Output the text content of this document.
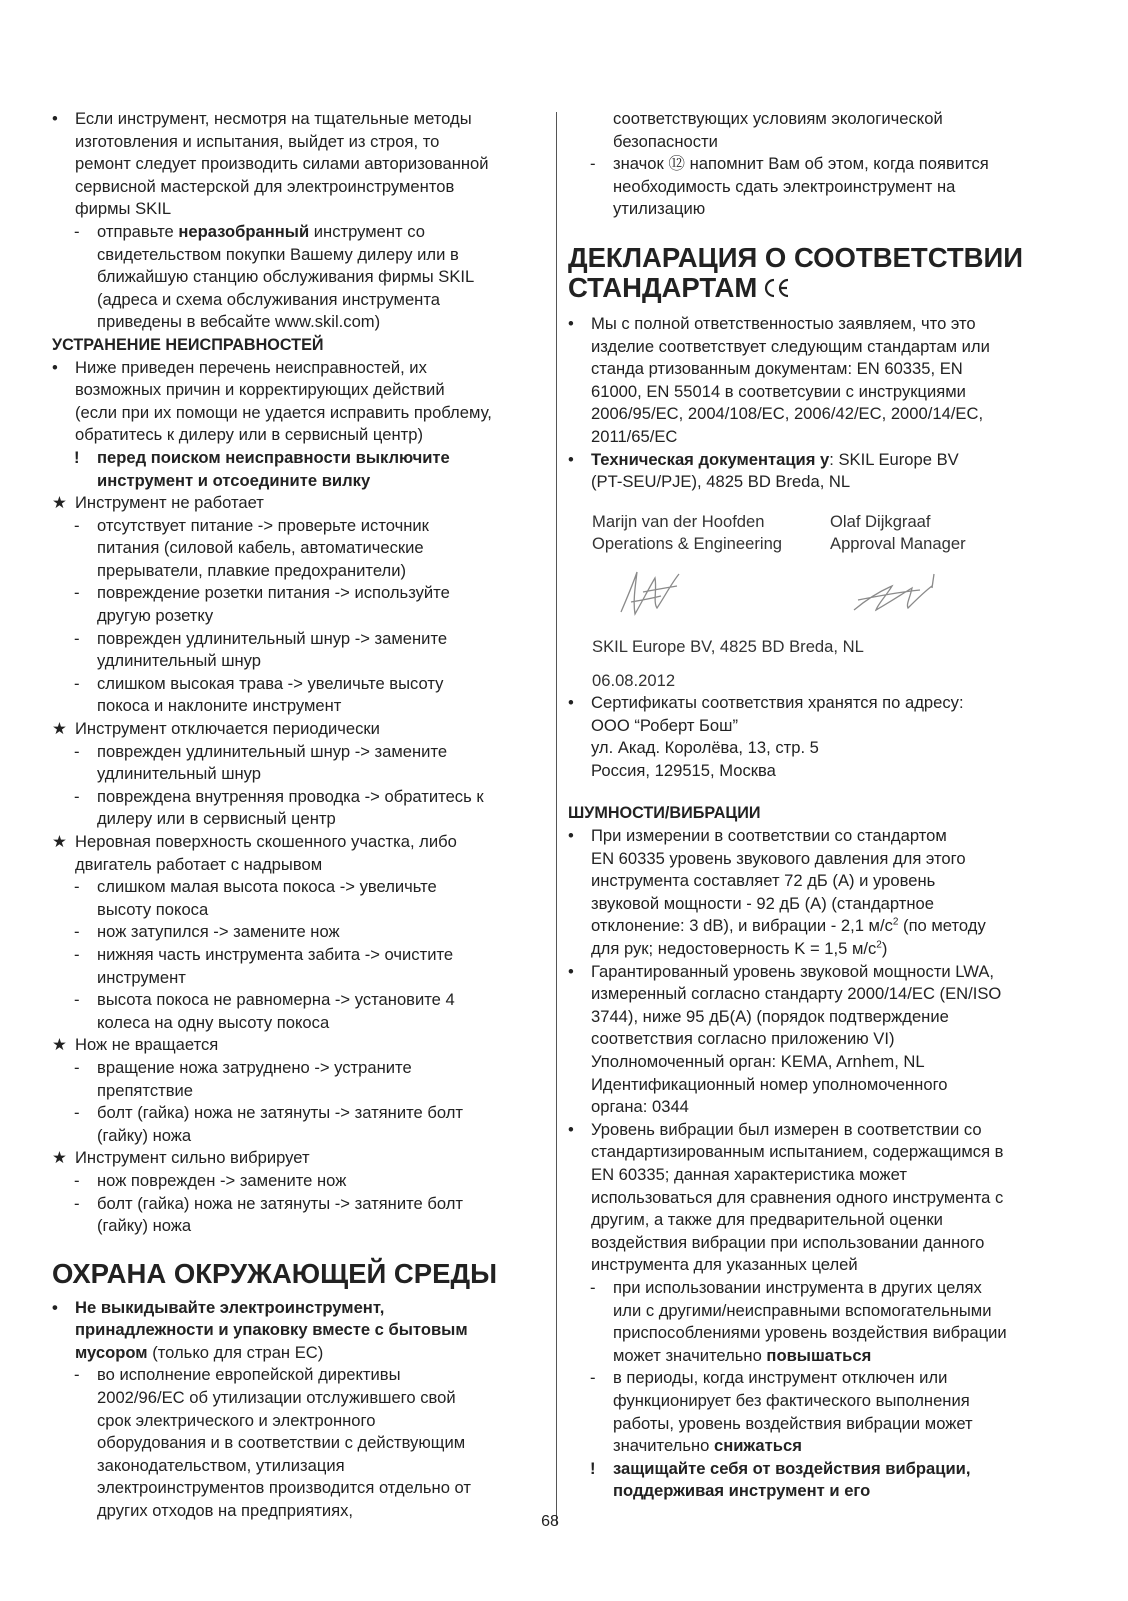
• Если инструмент, несмотря на тщательные методы
изготовления и испытания, выйдет из строя, то
ремонт следует производить силами авторизованной
сервисной мастерской для электроинструментов
фирмы SKIL
- отправьте неразобранный инструмент со
свидетельством покупки Вашему дилеру или в
ближайшую станцию обслуживания фирмы SKIL
(адреса и схема обслуживания инструмента
приведены в вебсайте www.skil.com)
УСТРАНЕНИЕ НЕИСПРАВНОСТЕЙ
• Ниже приведен перечень неисправностей, их
возможных причин и корректирующих действий
(если при их помощи не удается исправить проблему,
обратитесь к дилеру или в сервисный центр)
! перед поиском неисправности выключите
инструмент и отсоедините вилку
★ Инструмент не работает
- отсутствует питание -> проверьте источник
питания (силовой кабель, автоматические
прерыватели, плавкие предохранители)
- повреждение розетки питания -> используйте
другую розетку
- поврежден удлинительный шнур -> замените
удлинительный шнур
- слишком высокая трава -> увеличьте высоту
покоса и наклоните инструмент
★ Инструмент отключается периодически
- поврежден удлинительный шнур -> замените
удлинительный шнур
- повреждена внутренняя проводка -> обратитесь к
дилеру или в сервисный центр
★ Неровная поверхность скошенного участка, либо
двигатель работает с надрывом
- слишком малая высота покоса -> увеличьте
высоту покоса
- нож затупился -> замените нож
- нижняя часть инструмента забита -> очистите
инструмент
- высота покоса не равномерна -> установите 4
колеса на одну высоту покоса
★ Нож не вращается
- вращение ножа затруднено -> устраните
препятствие
- болт (гайка) ножа не затянуты -> затяните болт
(гайку) ножа
★ Инструмент сильно вибрирует
- нож поврежден -> замените нож
- болт (гайка) ножа не затянуты -> затяните болт
(гайку) ножа
ОХРАНА ОКРУЖАЮЩЕЙ СРЕДЫ
• Не выкидывайте электроинструмент,
принадлежности и упаковку вместе с бытовым
мусором (только для стран ЕС)
- во исполнение европейской директивы
2002/96/ЕС об утилизации отслужившего свой
срок электрического и электронного
оборудования и в соответствии с действующим
законодательством, утилизация
электроинструментов производится отдельно от
других отходов на предприятиях,
соответствующих условиям экологической
безопасности
- значок ⑫ напомнит Вам об этом, когда появится
необходимость сдать электроинструмент на
утилизацию
ДЕКЛАРАЦИЯ О СООТВЕТСТВИИ
СТАНДАРТАМ
• Мы с полной ответственностыо заявляем, что это
изделие соответствует следующим стандартам или
станда ртизованным документам: EN 60335, EN
61000, EN 55014 в соответсувии с инструкциями
2006/95/EC, 2004/108/EC, 2006/42/EC, 2000/14/EC,
2011/65/EC
• Техническая документация у: SKIL Europe BV
(PT-SEU/PJE), 4825 BD Breda, NL
Marijn van der Hoofden
Operations & Engineering
Olaf Dijkgraaf
Approval Manager
SKIL Europe BV, 4825 BD Breda, NL
06.08.2012
• Сертификаты соответствия хранятся по адресу:
ООО “Роберт Бош”
ул. Акад. Королёва, 13, стр. 5
Россия, 129515, Москва
ШУМНОСТИ/ВИБРАЦИИ
• При измерении в соответствии со стандартом
EN 60335 уровень звукового давления для этого
инструмента составляет 72 дБ (A) и уровень
звуковой мощности - 92 дБ (A) (стандартное
отклонение: 3 dB), и вибрации - 2,1 $м/с^2$ (по методу
для рук; недостоверность K = 1,5 $м/с^2$)
• Гарантированный уровень звуковой мощности LWA,
измеренный согласно стандарту 2000/14/EC (EN/ISO
3744), ниже 95 дБ(A) (порядок подтверждение
соответствия согласно приложению VI)
Уполномоченный орган: KEMA, Arnhem, NL
Идентификационный номер уполномоченного
органа: 0344
• Уровень вибрации был измерен в соответствии со
стандартизированным испытанием, содержащимся в
EN 60335; данная характеристика может
использоваться для сравнения одного инструмента с
другим, а также для предварительной оценки
воздействия вибрации при использовании данного
инструмента для указанных целей
- при использовании инструмента в других целях
или с другими/неисправными вспомогательными
приспособлениями уровень воздействия вибрации
может значительно повышаться
- в периоды, когда инструмент отключен или
функционирует без фактического выполнения
работы, уровень воздействия вибрации может
значительно снижаться
! защищайте себя от воздействия вибрации,
поддерживая инструмент и его
68
